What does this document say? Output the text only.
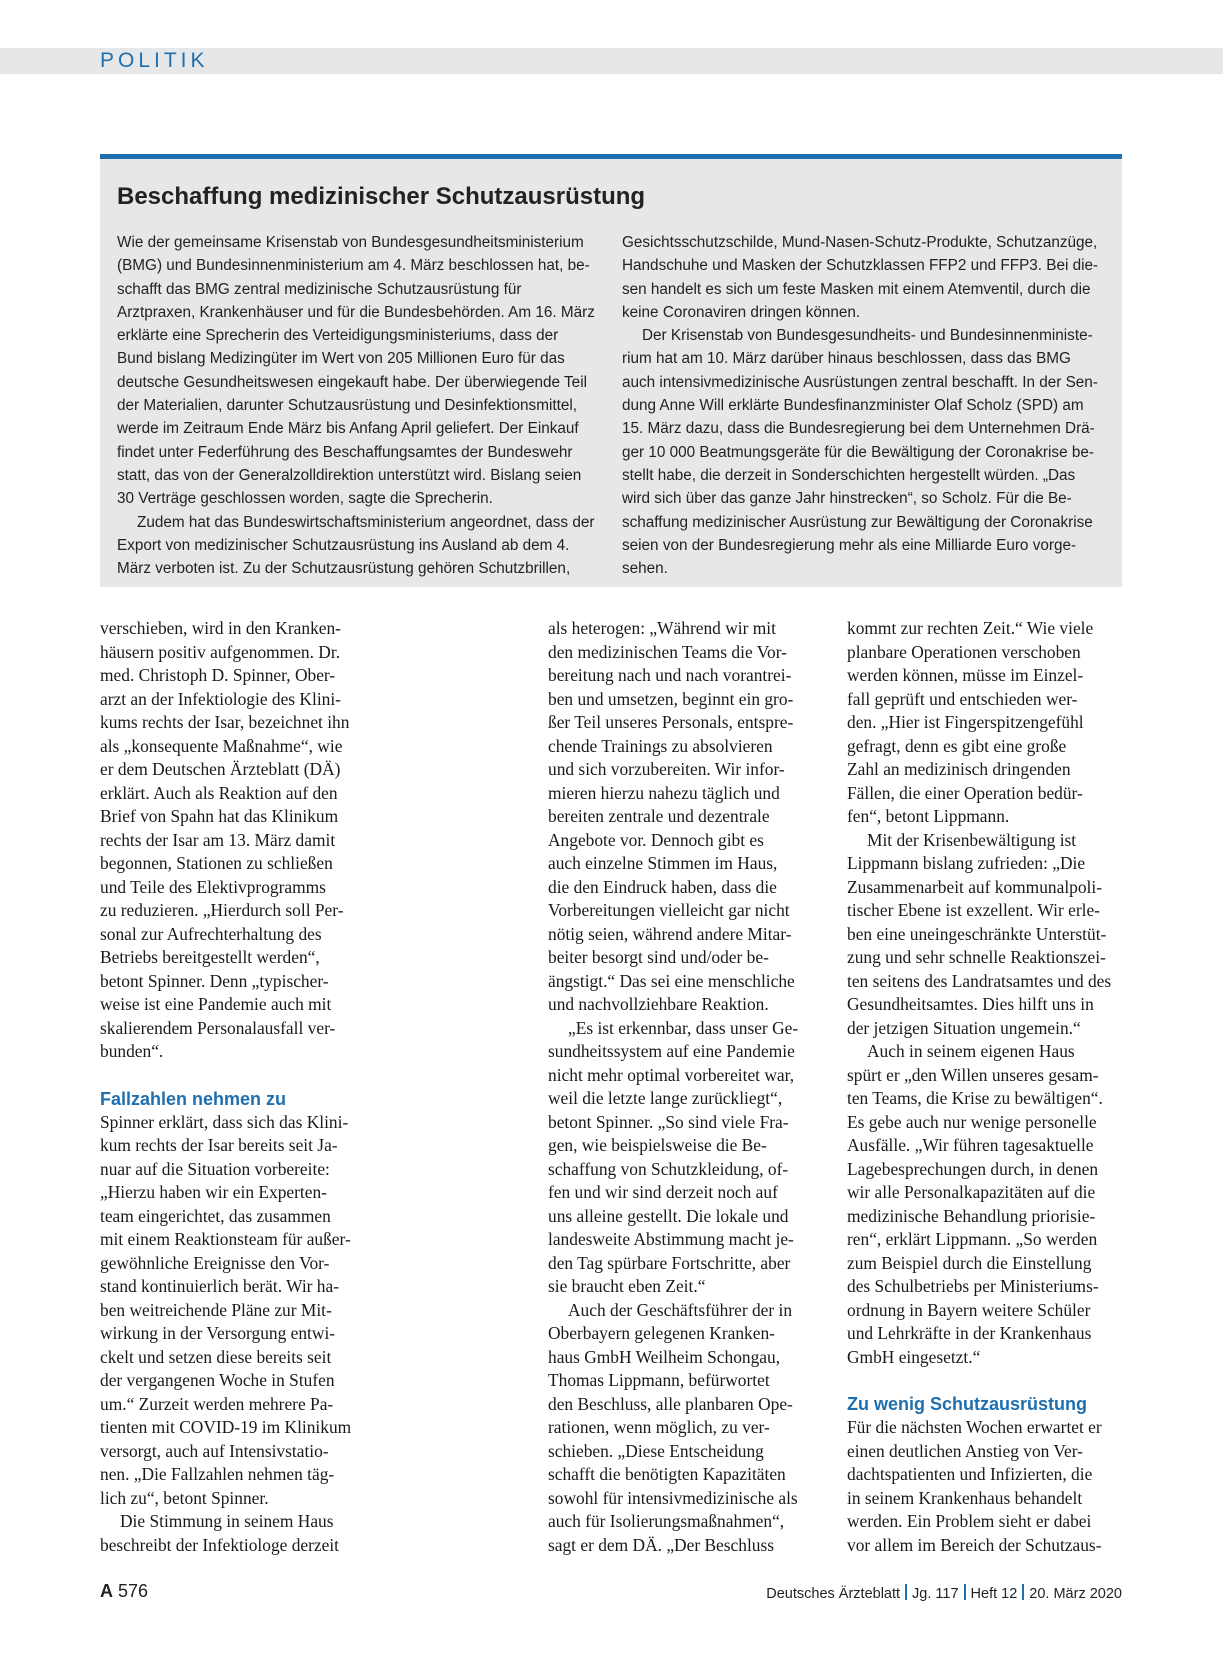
POLITIK
Beschaffung medizinischer Schutzausrüstung

Wie der gemeinsame Krisenstab von Bundesgesundheitsministerium
(BMG) und Bundesinnenministerium am 4. März beschlossen hat, be-
schafft das BMG zentral medizinische Schutzausrüstung für
Arztpraxen, Krankenhäuser und für die Bundesbehörden. Am 16. März
erklärte eine Sprecherin des Verteidigungsministeriums, dass der
Bund bislang Medizingüter im Wert von 205 Millionen Euro für das
deutsche Gesundheitswesen eingekauft habe. Der überwiegende Teil
der Materialien, darunter Schutzausrüstung und Desinfektionsmittel,
werde im Zeitraum Ende März bis Anfang April geliefert. Der Einkauf
findet unter Federführung des Beschaffungsamtes der Bundeswehr
statt, das von der Generalzolldirektion unterstützt wird. Bislang seien
30 Verträge geschlossen worden, sagte die Sprecherin.

Zudem hat das Bundeswirtschaftsministerium angeordnet, dass der
Export von medizinischer Schutzausrüstung ins Ausland ab dem 4.
März verboten ist. Zu der Schutzausrüstung gehören Schutzbrillen,

Gesichtsschutzschilde, Mund-Nasen-Schutz-Produkte, Schutzanzüge,
Handschuhe und Masken der Schutzklassen FFP2 und FFP3. Bei die-
sen handelt es sich um feste Masken mit einem Atemventil, durch die
keine Coronaviren dringen können.

Der Krisenstab von Bundesgesundheits- und Bundesinnenministe-
rium hat am 10. März darüber hinaus beschlossen, dass das BMG
auch intensivmedizinische Ausrüstungen zentral beschafft. In der Sen-
dung Anne Will erklärte Bundesfinanzminister Olaf Scholz (SPD) am
15. März dazu, dass die Bundesregierung bei dem Unternehmen Drä-
ger 10 000 Beatmungsgeräte für die Bewältigung der Coronakrise be-
stellt habe, die derzeit in Sonderschichten hergestellt würden. „Das
wird sich über das ganze Jahr hinstrecken“, so Scholz. Für die Be-
schaffung medizinischer Ausrüstung zur Bewältigung der Coronakrise
seien von der Bundesregierung mehr als eine Milliarde Euro vorge-
sehen.

verschieben, wird in den Kranken-
häusern positiv aufgenommen. Dr.
med. Christoph D. Spinner, Ober-
arzt an der Infektiologie des Klini-
kums rechts der Isar, bezeichnet ihn
als „konsequente Maßnahme“, wie
er dem Deutschen Ärzteblatt (DÄ)
erklärt. Auch als Reaktion auf den
Brief von Spahn hat das Klinikum
rechts der Isar am 13. März damit
begonnen, Stationen zu schließen
und Teile des Elektivprogramms
zu reduzieren. „Hierdurch soll Per-
sonal zur Aufrechterhaltung des
Betriebs bereitgestellt werden“,
betont Spinner. Denn „typischer-
weise ist eine Pandemie auch mit
skalierendem Personalausfall ver-
bunden“.

Fallzahlen nehmen zu

Spinner erklärt, dass sich das Klini-
kum rechts der Isar bereits seit Ja-
nuar auf die Situation vorbereite:
„Hierzu haben wir ein Experten-
team eingerichtet, das zusammen
mit einem Reaktionsteam für außer-
gewöhnliche Ereignisse den Vor-
stand kontinuierlich berät. Wir ha-
ben weitreichende Pläne zur Mit-
wirkung in der Versorgung entwi-
ckelt und setzen diese bereits seit
der vergangenen Woche in Stufen
um.“ Zurzeit werden mehrere Pa-
tienten mit COVID-19 im Klinikum
versorgt, auch auf Intensivstatio-
nen. „Die Fallzahlen nehmen täg-
lich zu“, betont Spinner.

Die Stimmung in seinem Haus
beschreibt der Infektiologe derzeit

als heterogen: „Während wir mit
den medizinischen Teams die Vor-
bereitung nach und nach vorantrei-
ben und umsetzen, beginnt ein gro-
ßer Teil unseres Personals, entspre-
chende Trainings zu absolvieren
und sich vorzubereiten. Wir infor-
mieren hierzu nahezu täglich und
bereiten zentrale und dezentrale
Angebote vor. Dennoch gibt es
auch einzelne Stimmen im Haus,
die den Eindruck haben, dass die
Vorbereitungen vielleicht gar nicht
nötig seien, während andere Mitar-
beiter besorgt sind und/oder be-
ängstigt.“ Das sei eine menschliche
und nachvollziehbare Reaktion.

„Es ist erkennbar, dass unser Ge-
sundheitssystem auf eine Pandemie
nicht mehr optimal vorbereitet war,
weil die letzte lange zurückliegt“,
betont Spinner. „So sind viele Fra-
gen, wie beispielsweise die Be-
schaffung von Schutzkleidung, of-
fen und wir sind derzeit noch auf
uns alleine gestellt. Die lokale und
landesweite Abstimmung macht je-
den Tag spürbare Fortschritte, aber
sie braucht eben Zeit.“

Auch der Geschäftsführer der in
Oberbayern gelegenen Kranken-
haus GmbH Weilheim Schongau,
Thomas Lippmann, befürwortet
den Beschluss, alle planbaren Ope-
rationen, wenn möglich, zu ver-
schieben. „Diese Entscheidung
schafft die benötigten Kapazitäten
sowohl für intensivmedizinische als
auch für Isolierungsmaßnahmen“,
sagt er dem DÄ. „Der Beschluss

kommt zur rechten Zeit.“ Wie viele
planbare Operationen verschoben
werden können, müsse im Einzel-
fall geprüft und entschieden wer-
den. „Hier ist Fingerspitzengefühl
gefragt, denn es gibt eine große
Zahl an medizinisch dringenden
Fällen, die einer Operation bedür-
fen“, betont Lippmann.

Mit der Krisenbewältigung ist
Lippmann bislang zufrieden: „Die
Zusammenarbeit auf kommunalpoli-
tischer Ebene ist exzellent. Wir erle-
ben eine uneingeschränkte Unterstüt-
zung und sehr schnelle Reaktionszei-
ten seitens des Landratsamtes und des
Gesundheitsamtes. Dies hilft uns in
der jetzigen Situation ungemein.“

Auch in seinem eigenen Haus
spürt er „den Willen unseres gesam-
ten Teams, die Krise zu bewältigen“.
Es gebe auch nur wenige personelle
Ausfälle. „Wir führen tagesaktuelle
Lagebesprechungen durch, in denen
wir alle Personalkapazitäten auf die
medizinische Behandlung priorisie-
ren“, erklärt Lippmann. „So werden
zum Beispiel durch die Einstellung
des Schulbetriebs per Ministeriums-
ordnung in Bayern weitere Schüler
und Lehrkräfte in der Krankenhaus
GmbH eingesetzt.“

Zu wenig Schutzausrüstung

Für die nächsten Wochen erwartet er
einen deutlichen Anstieg von Ver-
dachtspatienten und Infizierten, die
in seinem Krankenhaus behandelt
werden. Ein Problem sieht er dabei
vor allem im Bereich der Schutzaus-

A 576	Deutsches Ärzteblatt Jg. 117 Heft 12 20. März 2020
